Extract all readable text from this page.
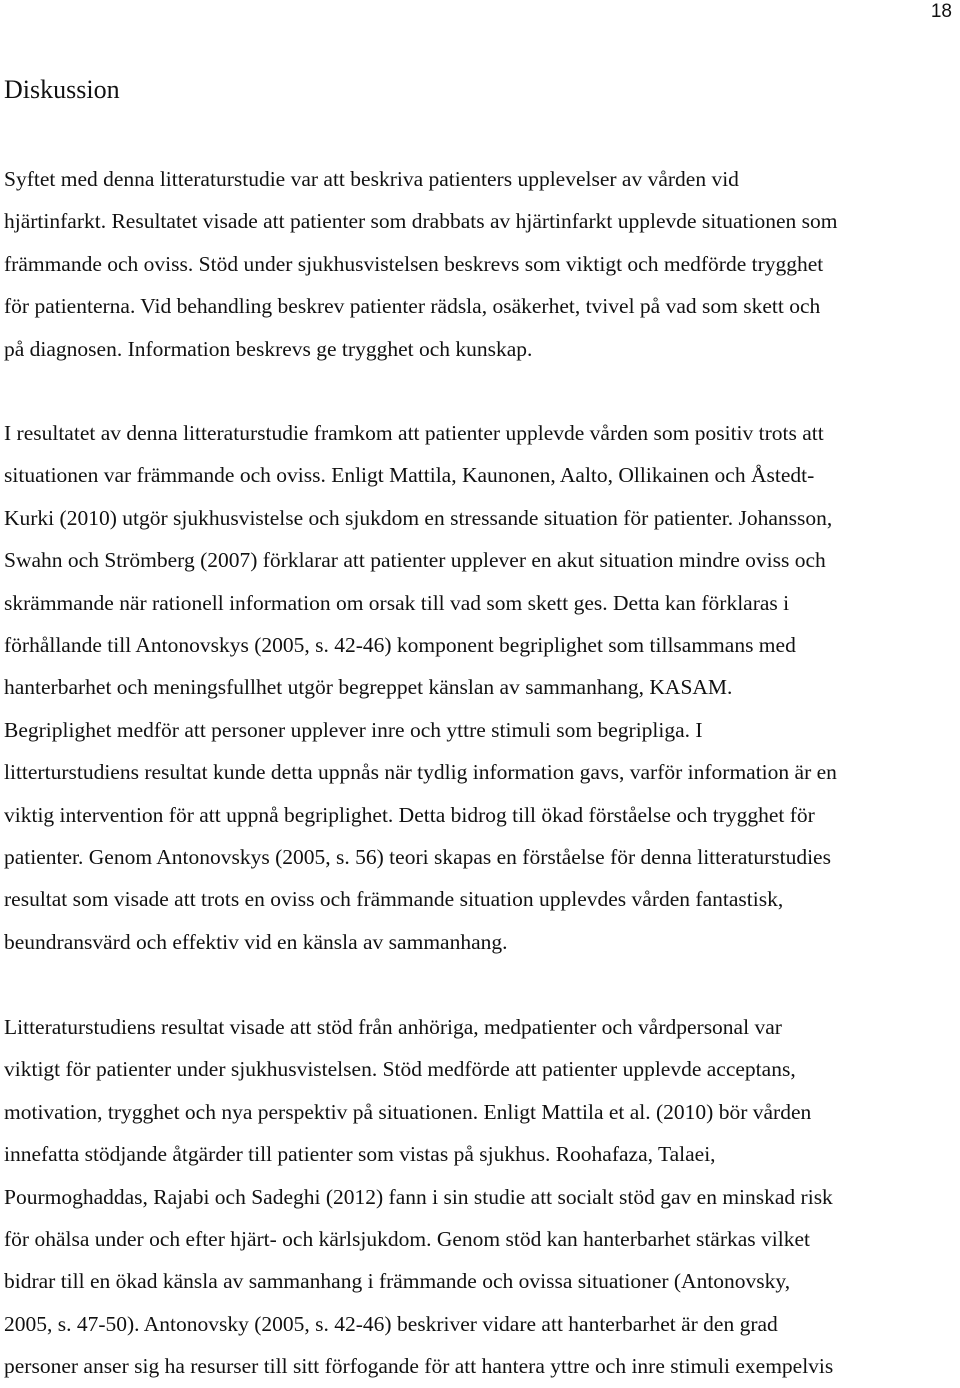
18

Diskussion
Syftet med denna litteraturstudie var att beskriva patienters upplevelser av vården vid
hjärtinfarkt. Resultatet visade att patienter som drabbats av hjärtinfarkt upplevde situationen som
främmande och oviss. Stöd under sjukhusvistelsen beskrevs som viktigt och medförde trygghet
för patienterna. Vid behandling beskrev patienter rädsla, osäkerhet, tvivel på vad som skett och
på diagnosen. Information beskrevs ge trygghet och kunskap.
I resultatet av denna litteraturstudie framkom att patienter upplevde vården som positiv trots att
situationen var främmande och oviss. Enligt Mattila, Kaunonen, Aalto, Ollikainen och Åstedt-
Kurki (2010) utgör sjukhusvistelse och sjukdom en stressande situation för patienter. Johansson,
Swahn och Strömberg (2007) förklarar att patienter upplever en akut situation mindre oviss och
skrämmande när rationell information om orsak till vad som skett ges. Detta kan förklaras i
förhållande till Antonovskys (2005, s. 42-46) komponent begriplighet som tillsammans med
hanterbarhet och meningsfullhet utgör begreppet känslan av sammanhang, KASAM.
Begriplighet medför att personer upplever inre och yttre stimuli som begripliga. I
litterturstudiens resultat kunde detta uppnås när tydlig information gavs, varför information är en
viktig intervention för att uppnå begriplighet. Detta bidrog till ökad förståelse och trygghet för
patienter. Genom Antonovskys (2005, s. 56) teori skapas en förståelse för denna litteraturstudies
resultat som visade att trots en oviss och främmande situation upplevdes vården fantastisk,
beundransvärd och effektiv vid en känsla av sammanhang.
Litteraturstudiens resultat visade att stöd från anhöriga, medpatienter och vårdpersonal var
viktigt för patienter under sjukhusvistelsen. Stöd medförde att patienter upplevde acceptans,
motivation, trygghet och nya perspektiv på situationen. Enligt Mattila et al. (2010) bör vården
innefatta stödjande åtgärder till patienter som vistas på sjukhus. Roohafaza, Talaei,
Pourmoghaddas, Rajabi och Sadeghi (2012) fann i sin studie att socialt stöd gav en minskad risk
för ohälsa under och efter hjärt- och kärlsjukdom. Genom stöd kan hanterbarhet stärkas vilket
bidrar till en ökad känsla av sammanhang i främmande och ovissa situationer (Antonovsky,
2005, s. 47-50). Antonovsky (2005, s. 42-46) beskriver vidare att hanterbarhet är den grad
personer anser sig ha resurser till sitt förfogande för att hantera yttre och inre stimuli exempelvis
